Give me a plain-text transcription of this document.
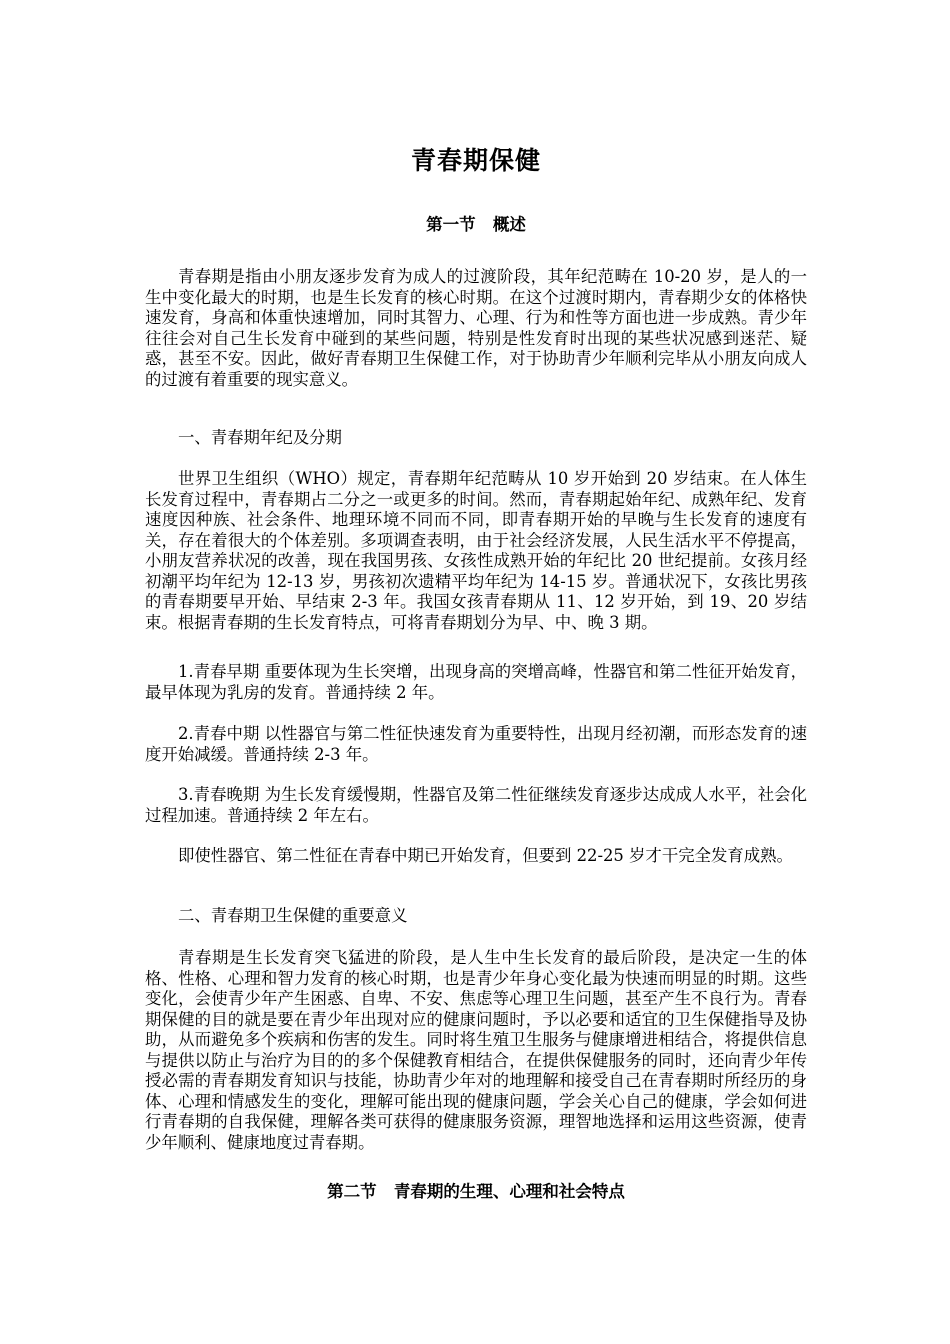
青春期保健
第一节   概述

青春期是指由小朋友逐步发育为成人的过渡阶段，其年纪范畴在 10-20 岁，是人的一生中变化最大的时期，也是生长发育的核心时期。在这个过渡时期内，青春期少女的体格快速发育，身高和体重快速增加，同时其智力、心理、行为和性等方面也进一步成熟。青少年往往会对自己生长发育中碰到的某些问题，特别是性发育时出现的某些状况感到迷茫、疑惑，甚至不安。因此，做好青春期卫生保健工作，对于协助青少年顺利完毕从小朋友向成人的过渡有着重要的现实意义。

一、青春期年纪及分期

世界卫生组织（WHO）规定，青春期年纪范畴从 10 岁开始到 20 岁结束。在人体生长发育过程中，青春期占二分之一或更多的时间。然而，青春期起始年纪、成熟年纪、发育速度因种族、社会条件、地理环境不同而不同，即青春期开始的早晚与生长发育的速度有关，存在着很大的个体差别。多项调查表明，由于社会经济发展，人民生活水平不停提高，小朋友营养状况的改善，现在我国男孩、女孩性成熟开始的年纪比 20 世纪提前。女孩月经初潮平均年纪为 12-13 岁，男孩初次遗精平均年纪为 14-15 岁。普通状况下，女孩比男孩的青春期要早开始、早结束 2-3 年。我国女孩青春期从 11、12 岁开始，到 19、20 岁结束。根据青春期的生长发育特点，可将青春期划分为早、中、晚 3 期。

1.青春早期 重要体现为生长突增，出现身高的突增高峰，性器官和第二性征开始发育，最早体现为乳房的发育。普通持续 2 年。

2.青春中期 以性器官与第二性征快速发育为重要特性，出现月经初潮，而形态发育的速度开始减缓。普通持续 2-3 年。

3.青春晚期 为生长发育缓慢期，性器官及第二性征继续发育逐步达成成人水平，社会化过程加速。普通持续 2 年左右。

即使性器官、第二性征在青春中期已开始发育，但要到 22-25 岁才干完全发育成熟。

二、青春期卫生保健的重要意义

青春期是生长发育突飞猛进的阶段，是人生中生长发育的最后阶段，是决定一生的体格、性格、心理和智力发育的核心时期，也是青少年身心变化最为快速而明显的时期。这些变化，会使青少年产生困惑、自卑、不安、焦虑等心理卫生问题，甚至产生不良行为。青春期保健的目的就是要在青少年出现对应的健康问题时，予以必要和适宜的卫生保健指导及协助，从而避免多个疾病和伤害的发生。同时将生殖卫生服务与健康增进相结合，将提供信息与提供以防止与治疗为目的的多个保健教育相结合，在提供保健服务的同时，还向青少年传授必需的青春期发育知识与技能，协助青少年对的地理解和接受自己在青春期时所经历的身体、心理和情感发生的变化，理解可能出现的健康问题，学会关心自己的健康，学会如何进行青春期的自我保健，理解各类可获得的健康服务资源，理智地选择和运用这些资源，使青少年顺利、健康地度过青春期。

第二节   青春期的生理、心理和社会特点
